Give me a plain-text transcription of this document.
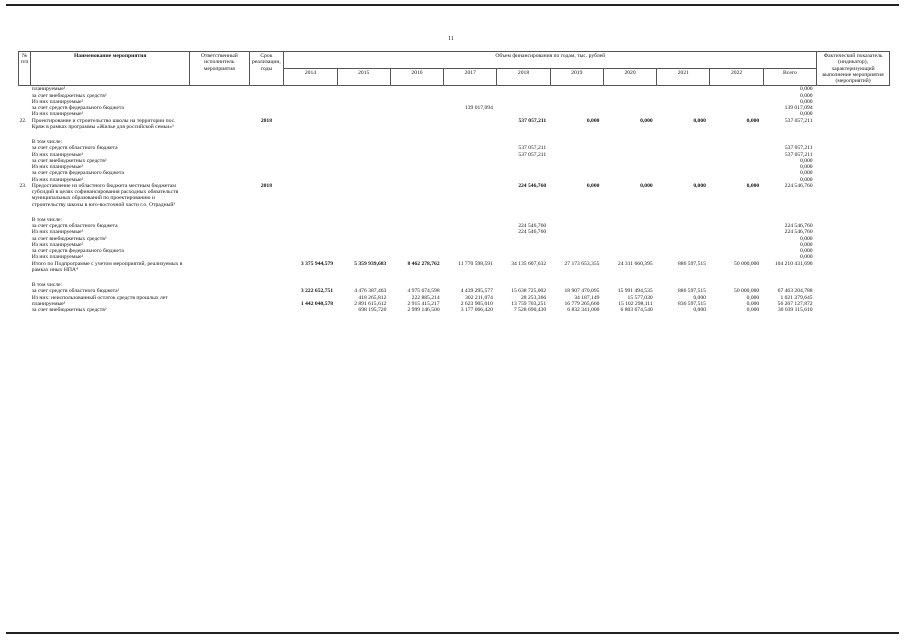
11
№ п/п	Наименование мероприятия	Ответственный исполнитель мероприятия	Срок реализации, годы	Объем финансирования по годам, тыс. рублей										Фактический показатель (индикатор), характеризующий выполнение мероприятия (мероприятий)
				2014	2015	2016	2017	2018	2019	2020	2021	2022	Всего	
	планируемые¹												0,000	
	за счет внебюджетных средств²												0,000	
	Из них планируемые¹												0,000	
	за счет средств федерального бюджета						139 017,094						139 017,094	
	Из них планируемые¹												0,000	
22.	Проектирование и строительство школы на территории пос. Кряж в рамках программы «Жилье для российской семьи»³		2018					537 057,211	0,000	0,000	0,000	0,000	537 057,211	

	В том числе:													
	за счет средств областного бюджета							537 057,211					537 057,211	
	Из них планируемые¹							537 057,211					537 057,211	
	за счет внебюджетных средств²												0,000	
	Из них планируемые¹												0,000	
	за счет средств федерального бюджета												0,000	
	Из них планируемые¹												0,000	
23.	Предоставление из областного бюджета местным бюджетам субсидий в целях софинансирования расходных обязательств муниципальных образований по проектированию и строительству школы в юго-восточной части г.о. Отрадный³		2018					224 546,760	0,000	0,000	0,000	0,000	224 546,760	

	В том числе:													
	за счет средств областного бюджета							224 546,760					224 546,760	
	Из них планируемые¹							224 546,760					224 546,760	
	за счет внебюджетных средств²												0,000	
	Из них планируемые¹												0,000	
	за счет средств федерального бюджета												0,000	
	Из них планируемые¹												0,000	
	Итого по Подпрограмме с учетом мероприятий, реализуемых в рамках иных НПА⁴			3 375 944,579	5 359 939,683	8 462 278,762	11 770 598,591	34 135 607,632	27 173 653,355	24 311 660,395	886 597,515	50 000,000	104 210 431,690	

	В том числе:													
	за счет средств областного бюджета¹			3 222 652,751	4 476 387,463	4 975 674,598	4 439 295,577	15 638 725,002	18 907 470,095	15 991 494,535	886 597,515	50 000,000	67 463 204,788	
	Из них: неиспользованный остаток средств прошлых лет				418 265,812	222 885,214	302 211,074	28 253,366	34 187,149	15 577,030	0,000	0,000	1 021 379,645	
	планируемые¹			1 442 040,578	2 891 615,612	2 915 415,217	2 623 905,010	13 759 703,251	16 779 265,660	15 102 298,111	836 597,515	0,000	56 267 127,872	
	за счет внебюджетных средств²				698 195,720	2 999 146,500	3 177 066,420	7 528 690,430	6 832 341,000	6 803 674,540	0,000	0,000	30 039 115,610	
